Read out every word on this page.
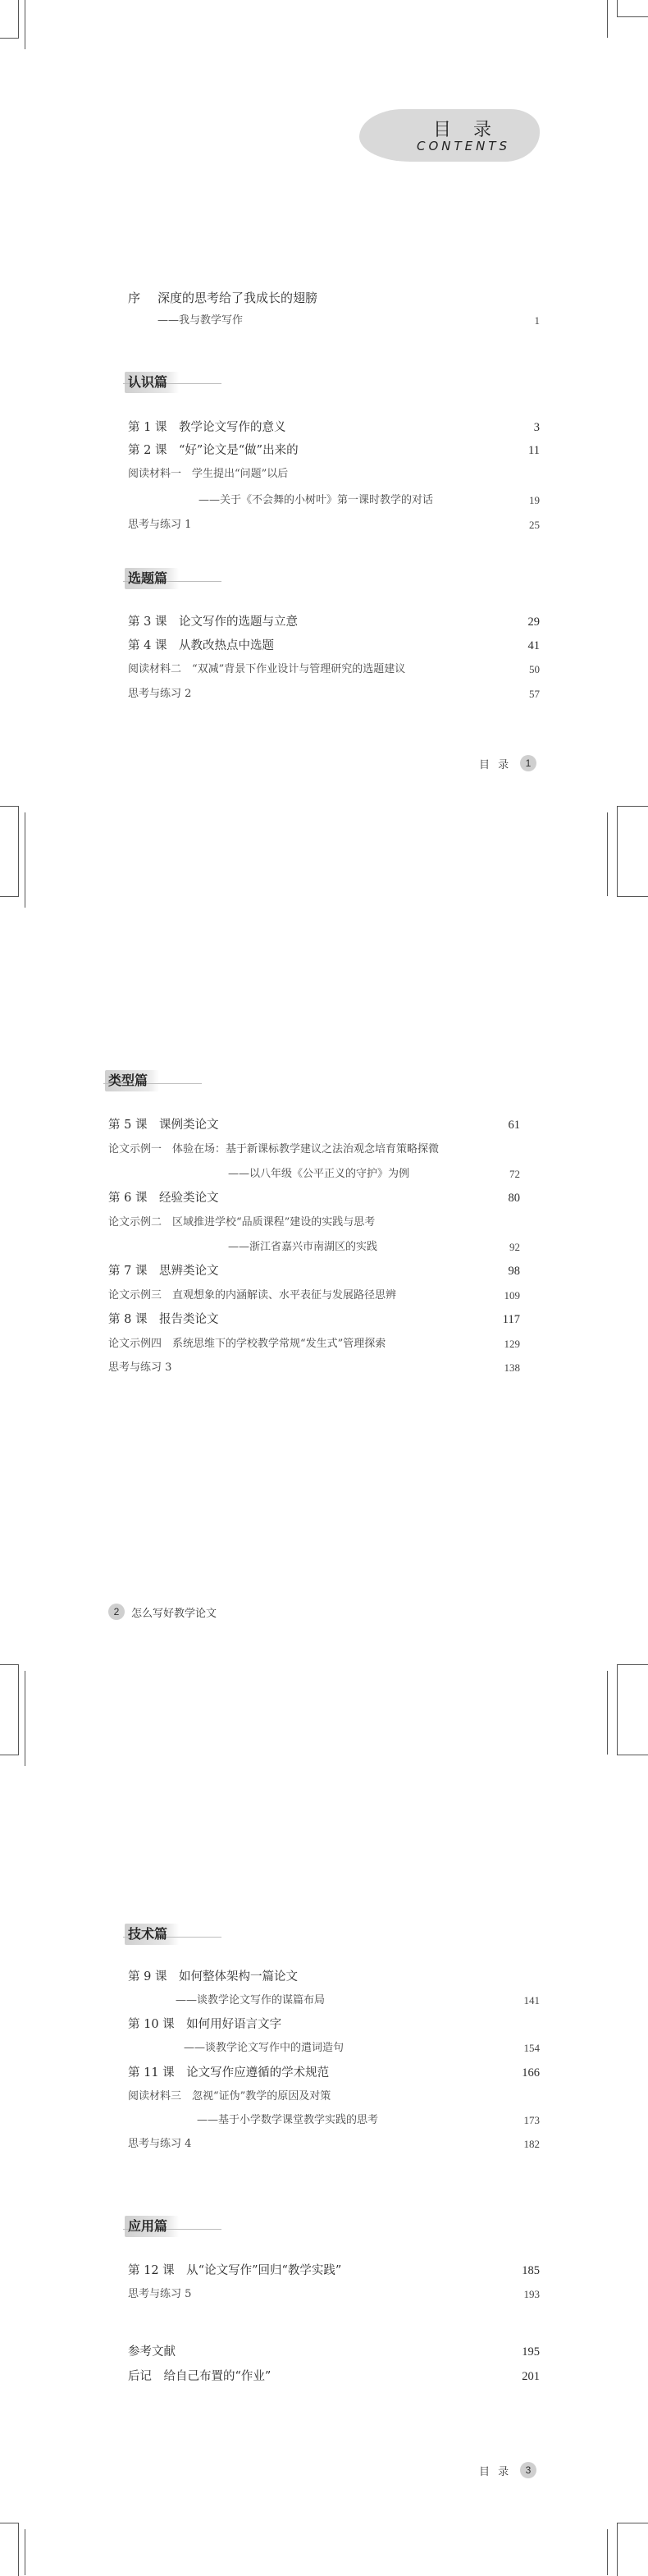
目 录
CONTENTS
序 深度的思考给了我成长的翅膀
——我与教学写作	1
认识篇
第 1 课　教学论文写作的意义	3
第 2 课　“好”论文是“做”出来的	11
阅读材料一　学生提出“问题”以后
——关于《不会舞的小树叶》第一课时教学的对话	19
思考与练习 1	25
选题篇
第 3 课　论文写作的选题与立意	29
第 4 课　从教改热点中选题	41
阅读材料二　“双减”背景下作业设计与管理研究的选题建议	50
思考与练习 2	57
目 录	1
类型篇
第 5 课　课例类论文	61
论文示例一　体验在场：基于新课标教学建议之法治观念培育策略探微
——以八年级《公平正义的守护》为例	72
第 6 课　经验类论文	80
论文示例二　区域推进学校“品质课程”建设的实践与思考
——浙江省嘉兴市南湖区的实践	92
第 7 课　思辨类论文	98
论文示例三　直观想象的内涵解读、水平表征与发展路径思辨	109
第 8 课　报告类论文	117
论文示例四　系统思维下的学校教学常规“发生式”管理探索	129
思考与练习 3	138
2	怎么写好教学论文
技术篇
第 9 课　如何整体架构一篇论文
——谈教学论文写作的谋篇布局	141
第 10 课　如何用好语言文字
——谈教学论文写作中的遣词造句	154
第 11 课　论文写作应遵循的学术规范	166
阅读材料三　忽视“证伪”教学的原因及对策
——基于小学数学课堂教学实践的思考	173
思考与练习 4	182
应用篇
第 12 课　从“论文写作”回归“教学实践”	185
思考与练习 5	193
参考文献	195
后记　给自己布置的“作业”	201
目 录	3
